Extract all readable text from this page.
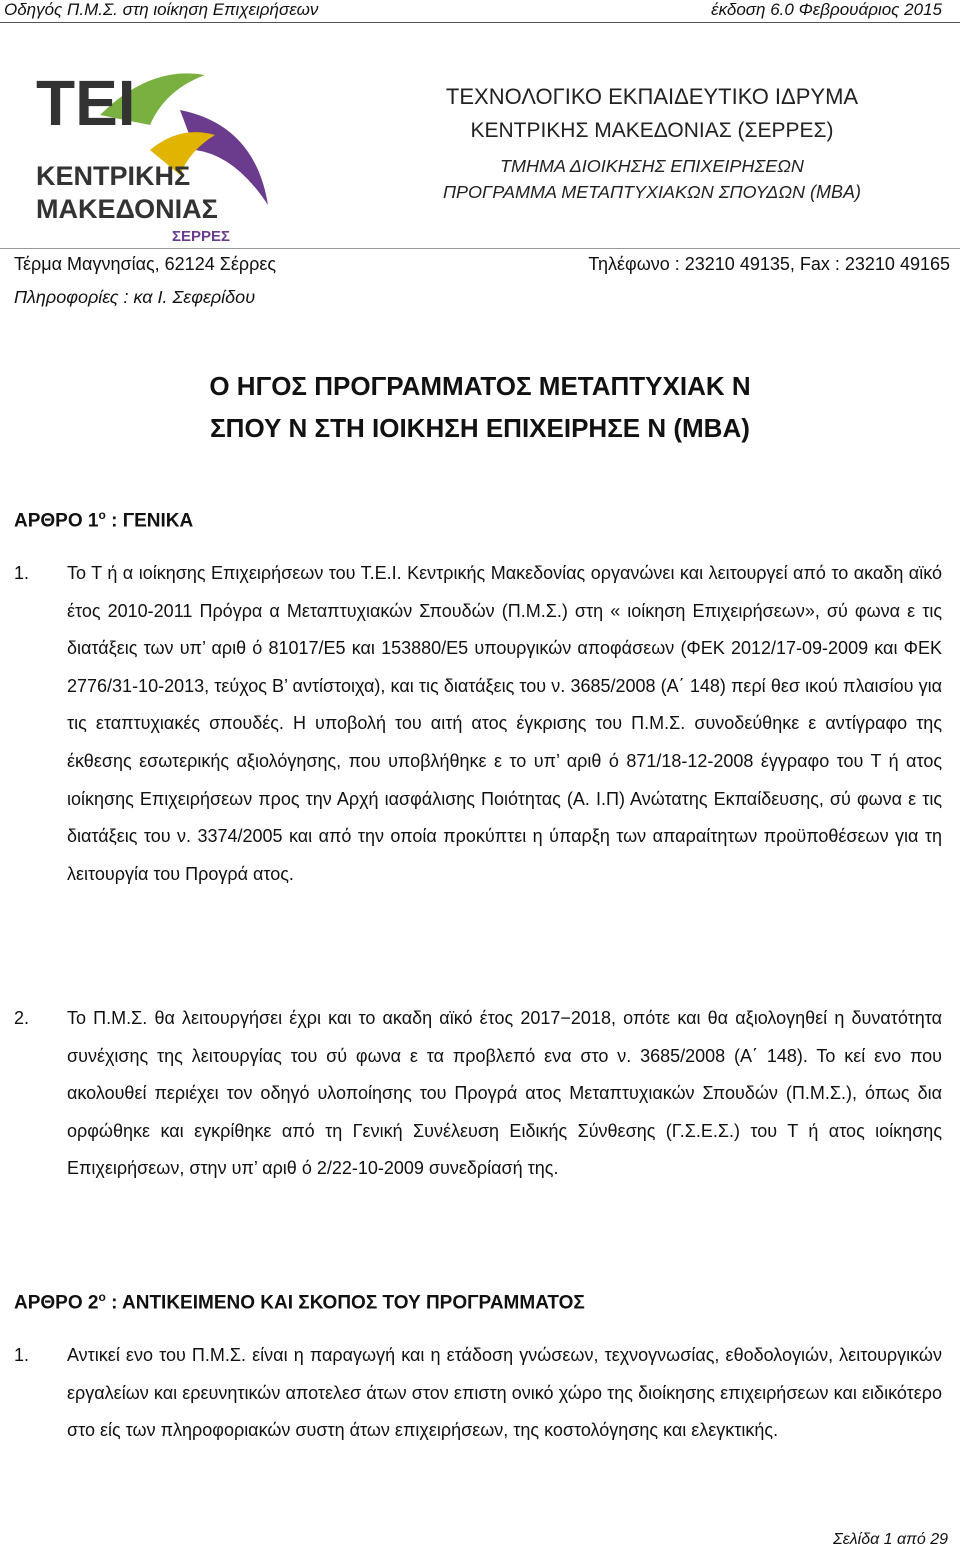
Οδηγός Π.Μ.Σ. στη ιοίκηση Επιχειρήσεων	έκδοση 6.0 Φεβρουάριος 2015
ΤΕΙ
ΚΕΝΤΡΙΚΗΣ
ΜΑΚΕΔΟΝΙΑΣ
ΣΕΡΡΕΣ
ΤΕΧΝΟΛΟΓΙΚΟ ΕΚΠΑΙΔΕΥΤΙΚΟ ΙΔΡΥΜΑ
ΚΕΝΤΡΙΚΗΣ ΜΑΚΕΔΟΝΙΑΣ (ΣΕΡΡΕΣ)
ΤΜΗΜΑ ΔΙΟΙΚΗΣΗΣ ΕΠΙΧΕΙΡΗΣΕΩΝ
ΠΡΟΓΡΑΜΜΑ ΜΕΤΑΠΤΥΧΙΑΚΩΝ ΣΠΟΥΔΩΝ (MBA)
Τέρμα Μαγνησίας, 62124 Σέρρες	Τηλέφωνο : 23210 49135, Fax : 23210 49165
Πληροφορίες : κα Ι. Σεφερίδου
Ο ΗΓΟΣ ΠΡΟΓΡΑΜΜΑΤΟΣ ΜΕΤΑΠΤΥΧΙΑΚ Ν
ΣΠΟΥ Ν ΣΤΗ ΙΟΙΚΗΣΗ ΕΠΙΧΕΙΡΗΣΕ Ν (MBA)
ΑΡΘΡΟ $1^o$ : ΓΕΝΙΚΑ
1. Το Τ ή α ιοίκησης Επιχειρήσεων του Τ.Ε.Ι. Κεντρικής Μακεδονίας οργανώνει και λειτουργεί από το ακαδη αϊκό έτος 2010-2011 Πρόγρα α Μεταπτυχιακών Σπουδών (Π.Μ.Σ.) στη « ιοίκηση Επιχειρήσεων», σύ φωνα ε τις διατάξεις των υπ’ αριθ ό 81017/Ε5 και 153880/Ε5 υπουργικών αποφάσεων (ΦΕΚ 2012/17-09-2009 και ΦΕΚ 2776/31-10-2013, τεύχος Β’ αντίστοιχα), και τις διατάξεις του ν. 3685/2008 (Α΄ 148) περί θεσ ικού πλαισίου για τις εταπτυχιακές σπουδές. Η υποβολή του αιτή ατος έγκρισης του Π.Μ.Σ. συνοδεύθηκε ε αντίγραφο της έκθεσης εσωτερικής αξιολόγησης, που υποβλήθηκε ε το υπ’ αριθ ό 871/18-12-2008 έγγραφο του Τ ή ατος ιοίκησης Επιχειρήσεων προς την Αρχή ιασφάλισης Ποιότητας (Α. Ι.Π) Ανώτατης Εκπαίδευσης, σύ φωνα ε τις διατάξεις του ν. 3374/2005 και από την οποία προκύπτει η ύπαρξη των απαραίτητων προϋποθέσεων για τη λειτουργία του Προγρά ατος.
2. Το Π.Μ.Σ. θα λειτουργήσει έχρι και το ακαδη αϊκό έτος 2017−2018, οπότε και θα αξιολογηθεί η δυνατότητα συνέχισης της λειτουργίας του σύ φωνα ε τα προβλεπό ενα στο ν. 3685/2008 (Α΄ 148). Το κεί ενο που ακολουθεί περιέχει τον οδηγό υλοποίησης του Προγρά ατος Μεταπτυχιακών Σπουδών (Π.Μ.Σ.), όπως δια ορφώθηκε και εγκρίθηκε από τη Γενική Συνέλευση Ειδικής Σύνθεσης (Γ.Σ.Ε.Σ.) του Τ ή ατος ιοίκησης Επιχειρήσεων, στην υπ’ αριθ ό 2/22-10-2009 συνεδρίασή της.
ΑΡΘΡΟ $2^o$ : ΑΝΤΙΚΕΙΜΕΝΟ ΚΑΙ ΣΚΟΠΟΣ ΤΟΥ ΠΡΟΓΡΑΜΜΑΤΟΣ
1. Αντικεί ενο του Π.Μ.Σ. είναι η παραγωγή και η ετάδοση γνώσεων, τεχνογνωσίας, εθοδολογιών, λειτουργικών εργαλείων και ερευνητικών αποτελεσ άτων στον επιστη ονικό χώρο της διοίκησης επιχειρήσεων και ειδικότερο στο είς των πληροφοριακών συστη άτων επιχειρήσεων, της κοστολόγησης και ελεγκτικής.
Σελίδα 1 από 29
